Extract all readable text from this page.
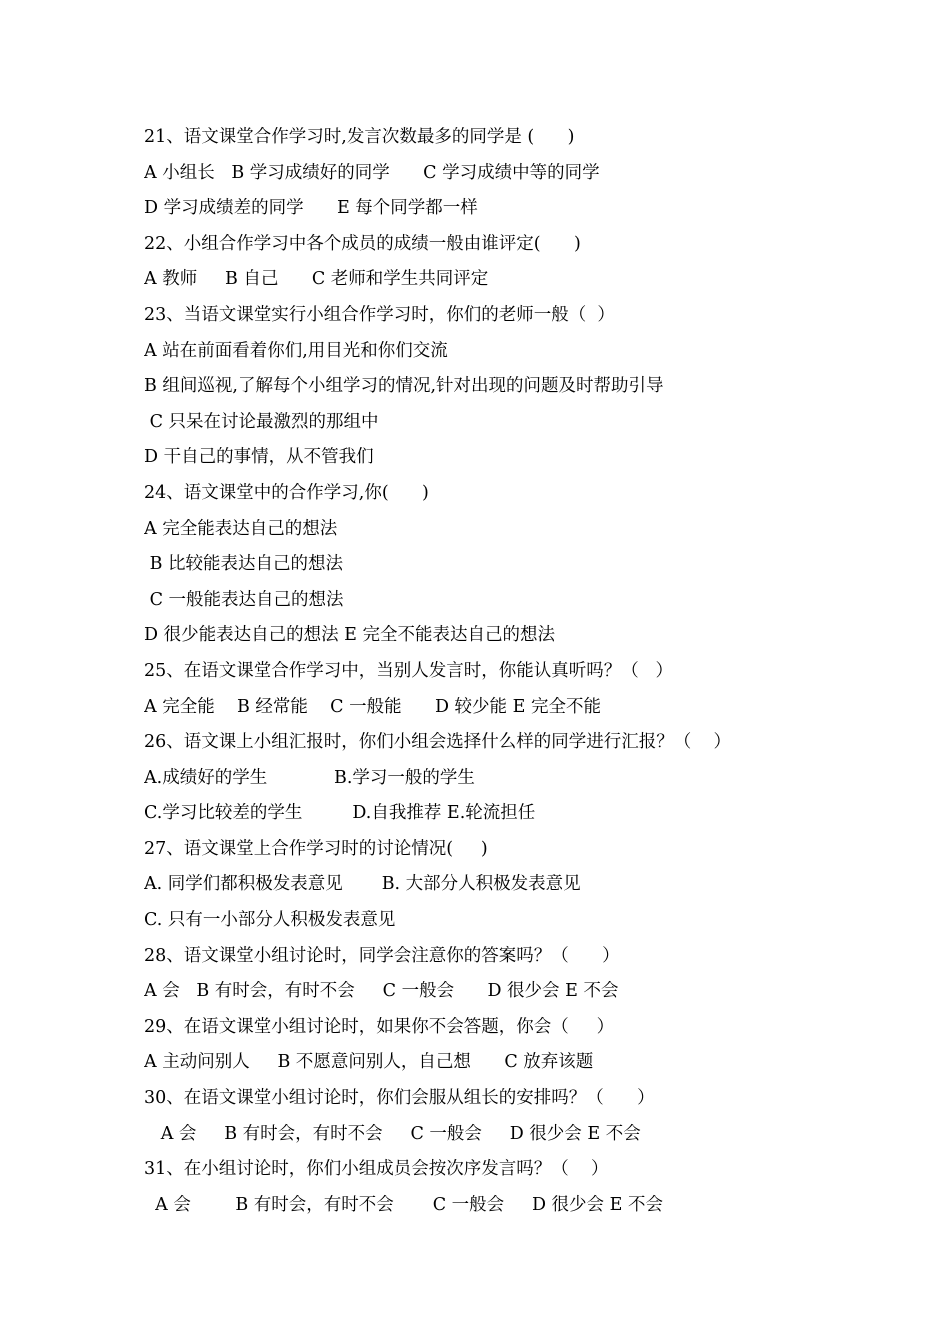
21、语文课堂合作学习时,发言次数最多的同学是 (      )
A 小组长   B 学习成绩好的同学      C 学习成绩中等的同学
D 学习成绩差的同学      E 每个同学都一样
22、小组合作学习中各个成员的成绩一般由谁评定(      )
A 教师     B 自己      C 老师和学生共同评定
23、当语文课堂实行小组合作学习时，你们的老师一般（  ）
A 站在前面看着你们,用目光和你们交流
B 组间巡视,了解每个小组学习的情况,针对出现的问题及时帮助引导
C 只呆在讨论最激烈的那组中
D 干自己的事情，从不管我们
24、语文课堂中的合作学习,你(      )
A 完全能表达自己的想法
B 比较能表达自己的想法
C 一般能表达自己的想法
D 很少能表达自己的想法 E 完全不能表达自己的想法
25、在语文课堂合作学习中，当别人发言时，你能认真听吗？（   ）
A 完全能    B 经常能    C 一般能      D 较少能 E 完全不能
26、语文课上小组汇报时，你们小组会选择什么样的同学进行汇报？（    ）
A.成绩好的学生            B.学习一般的学生
C.学习比较差的学生         D.自我推荐 E.轮流担任
27、语文课堂上合作学习时的讨论情况(     )
A. 同学们都积极发表意见       B. 大部分人积极发表意见
C. 只有一小部分人积极发表意见
28、语文课堂小组讨论时，同学会注意你的答案吗？（      ）
A 会   B 有时会，有时不会     C 一般会      D 很少会 E 不会
29、在语文课堂小组讨论时，如果你不会答题，你会（     ）
A 主动问别人     B 不愿意问别人，自己想      C 放弃该题
30、在语文课堂小组讨论时，你们会服从组长的安排吗？（      ）
A 会     B 有时会，有时不会     C 一般会     D 很少会 E 不会
31、在小组讨论时，你们小组成员会按次序发言吗？（    ）
A 会        B 有时会，有时不会       C 一般会     D 很少会 E 不会
